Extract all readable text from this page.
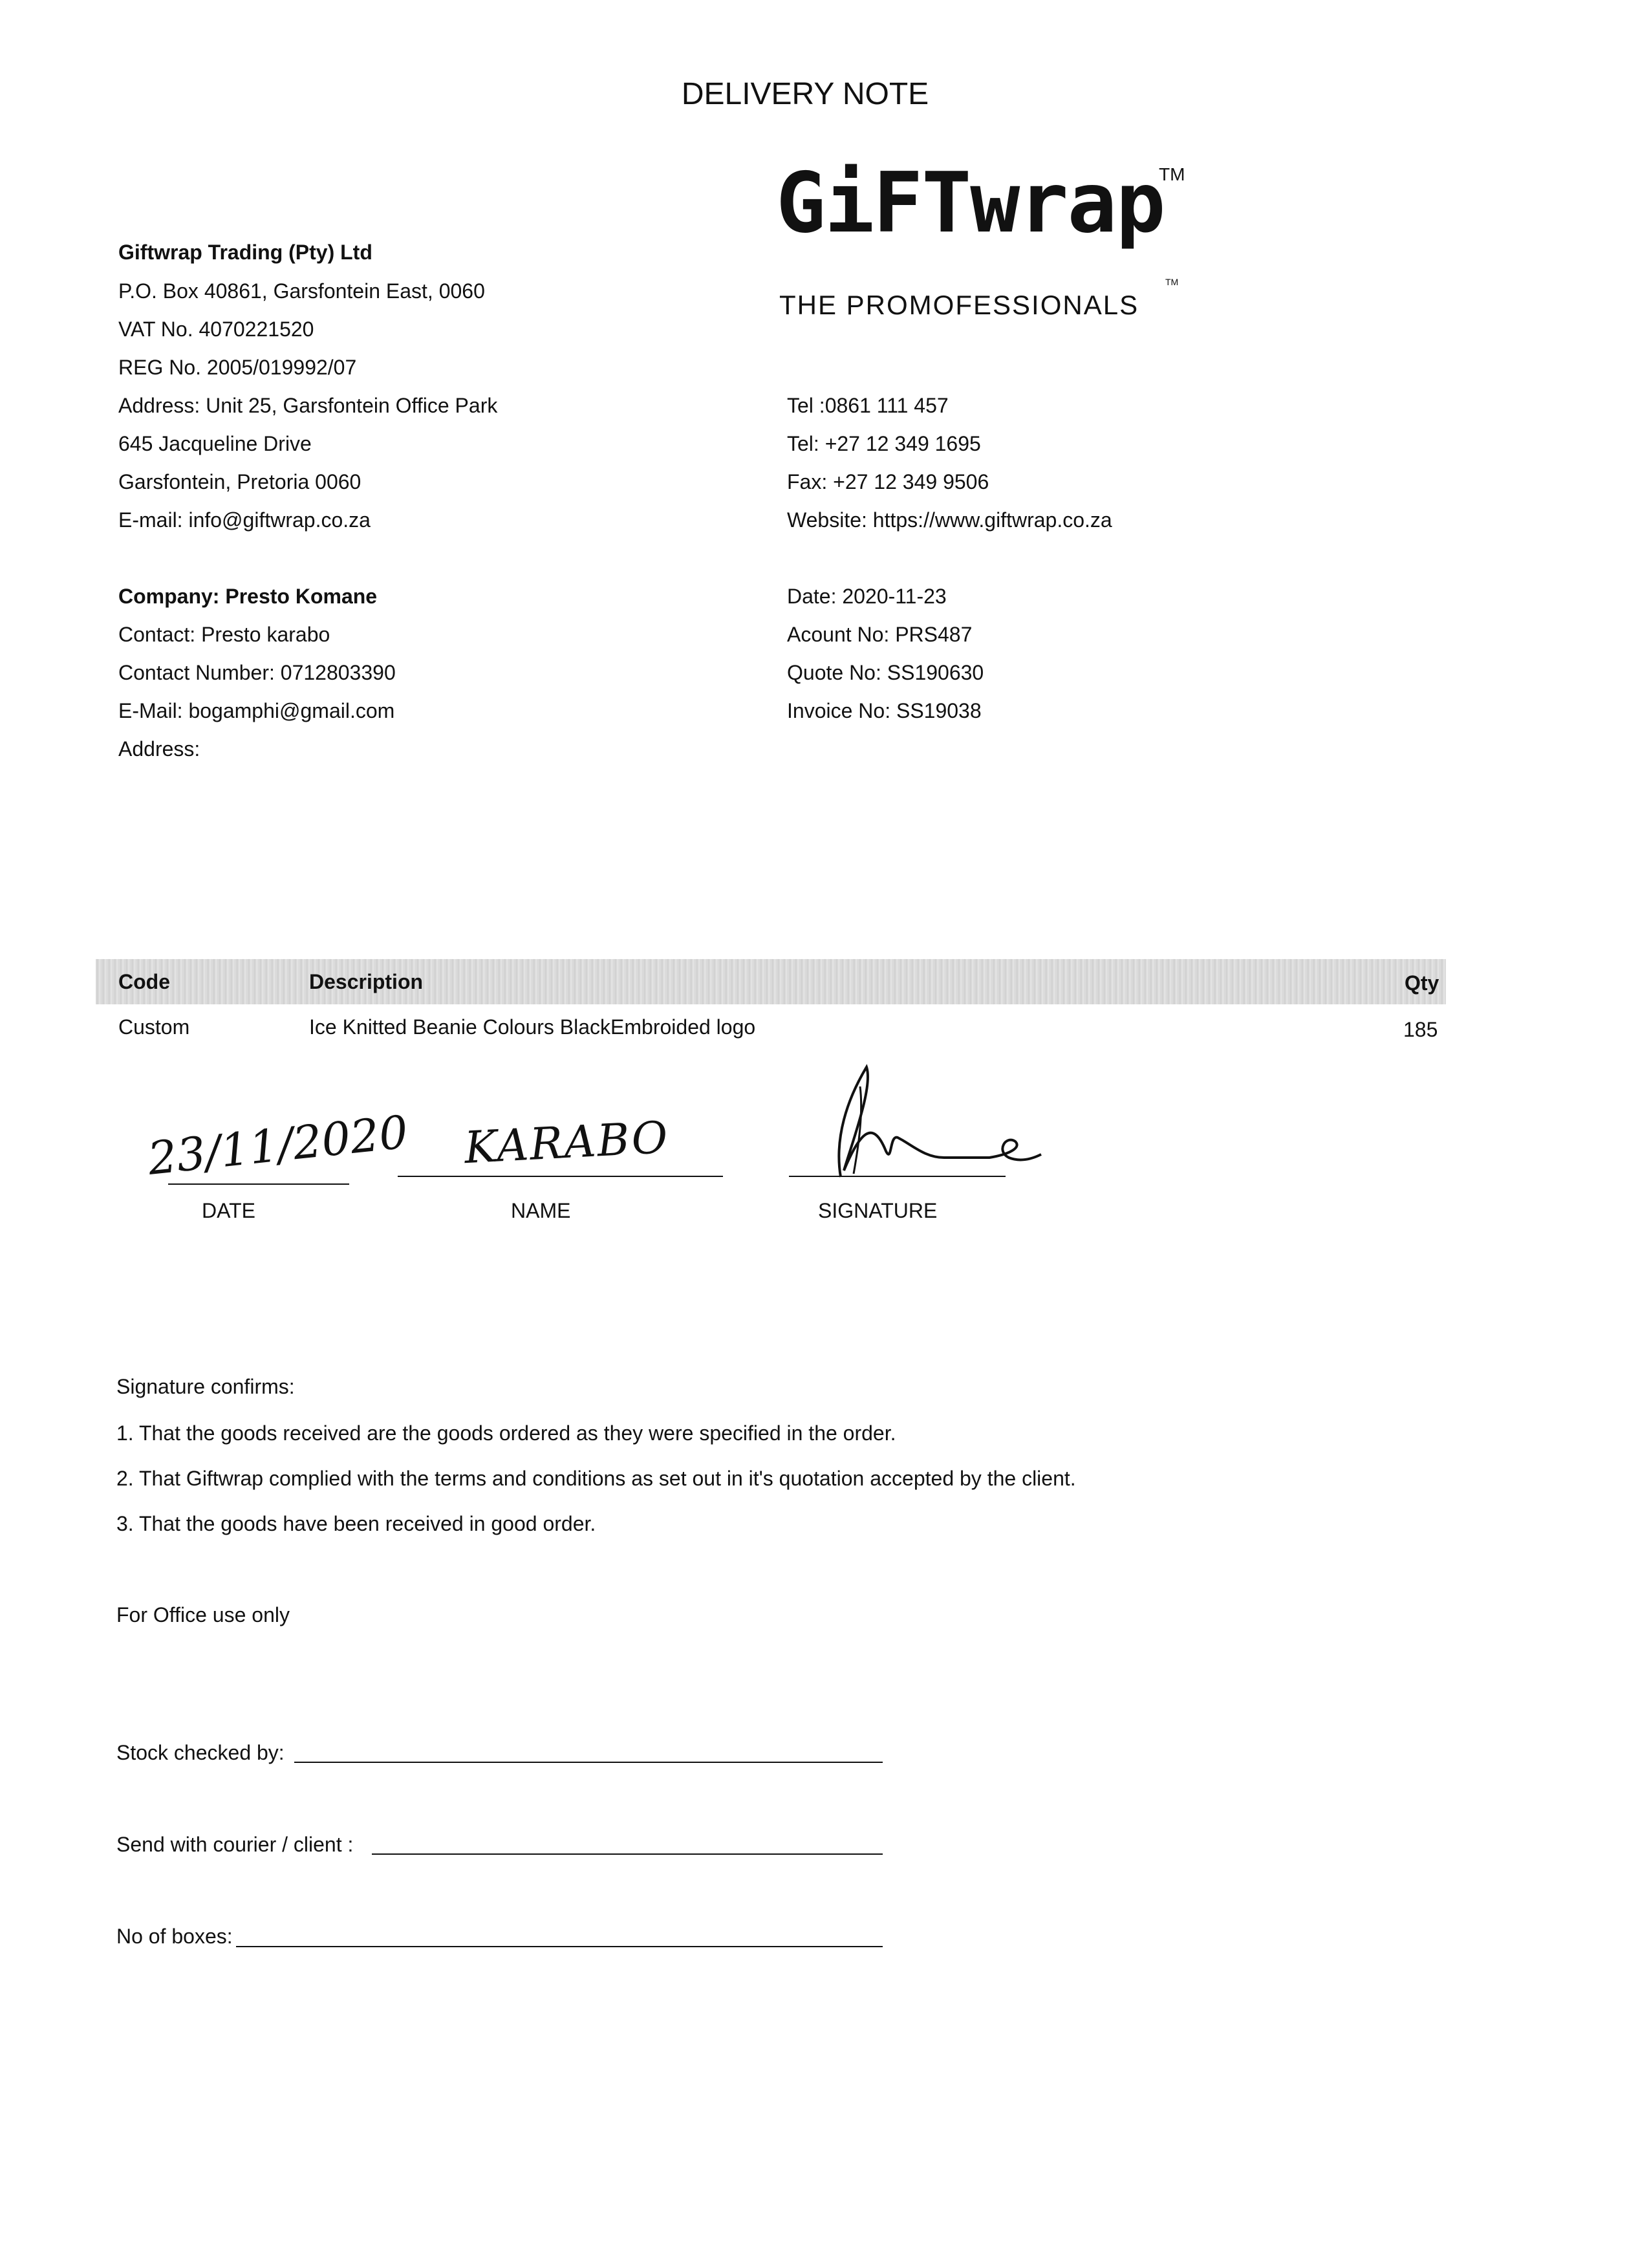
DELIVERY NOTE
GiFTwrap
TM
THE PROMOFESSIONALS
TM
Giftwrap Trading (Pty) Ltd
P.O. Box 40861, Garsfontein East, 0060
VAT No. 4070221520
REG No. 2005/019992/07
Address: Unit 25, Garsfontein Office Park
645 Jacqueline Drive
Garsfontein, Pretoria 0060
E-mail: info@giftwrap.co.za
Tel :0861 111 457
Tel: +27 12 349 1695
Fax: +27 12 349 9506
Website: https://www.giftwrap.co.za
Company: Presto Komane
Contact: Presto karabo
Contact Number: 0712803390
E-Mail: bogamphi@gmail.com
Address:
Date: 2020-11-23
Acount No: PRS487
Quote No: SS190630
Invoice No: SS19038
Code	Description	Qty
Custom	Ice Knitted Beanie Colours BlackEmbroided logo	185
23/11/2020
DATE
KARABO
NAME	SIGNATURE
Signature confirms:
1. That the goods received are the goods ordered as they were specified in the order.
2. That Giftwrap complied with the terms and conditions as set out in it's quotation accepted by the client.
3. That the goods have been received in good order.
For Office use only
Stock checked by:
Send with courier / client :
No of boxes:
